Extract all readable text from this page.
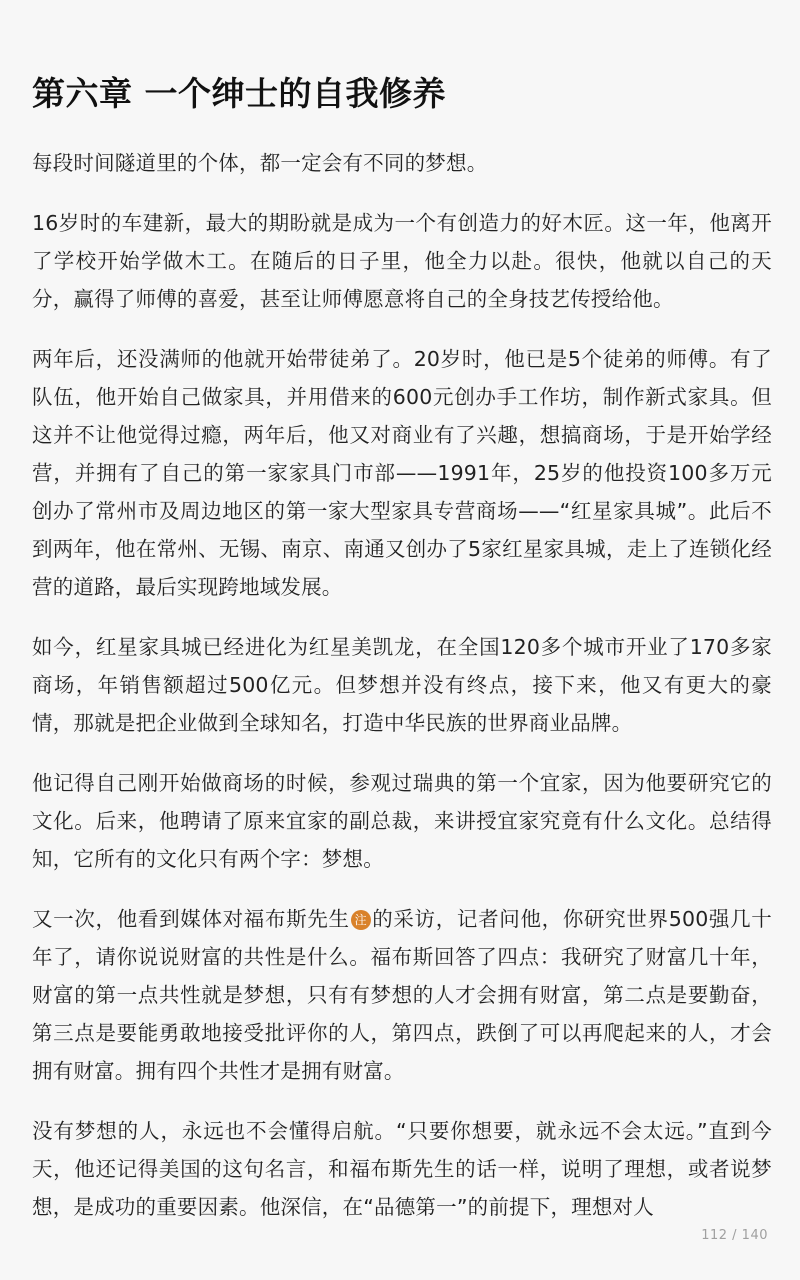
第六章 一个绅士的自我修养

每段时间隧道里的个体，都一定会有不同的梦想。

16岁时的车建新，最大的期盼就是成为一个有创造力的好木匠。这一年，他离开了学校开始学做木工。在随后的日子里，他全力以赴。很快，他就以自己的天分，赢得了师傅的喜爱，甚至让师傅愿意将自己的全身技艺传授给他。

两年后，还没满师的他就开始带徒弟了。20岁时，他已是5个徒弟的师傅。有了队伍，他开始自己做家具，并用借来的600元创办手工作坊，制作新式家具。但这并不让他觉得过瘾，两年后，他又对商业有了兴趣，想搞商场，于是开始学经营，并拥有了自己的第一家家具门市部——1991年，25岁的他投资100多万元创办了常州市及周边地区的第一家大型家具专营商场——“红星家具城”。此后不到两年，他在常州、无锡、南京、南通又创办了5家红星家具城，走上了连锁化经营的道路，最后实现跨地域发展。

如今，红星家具城已经进化为红星美凯龙，在全国120多个城市开业了170多家商场，年销售额超过500亿元。但梦想并没有终点，接下来，他又有更大的豪情，那就是把企业做到全球知名，打造中华民族的世界商业品牌。

他记得自己刚开始做商场的时候，参观过瑞典的第一个宜家，因为他要研究它的文化。后来，他聘请了原来宜家的副总裁，来讲授宜家究竟有什么文化。总结得知，它所有的文化只有两个字：梦想。

又一次，他看到媒体对福布斯先生 注 的采访，记者问他，你研究世界500强几十年了，请你说说财富的共性是什么。福布斯回答了四点：我研究了财富几十年，财富的第一点共性就是梦想，只有有梦想的人才会拥有财富，第二点是要勤奋，第三点是要能勇敢地接受批评你的人，第四点，跌倒了可以再爬起来的人，才会拥有财富。拥有四个共性才是拥有财富。

没有梦想的人，永远也不会懂得启航。“只要你想要，就永远不会太远。”直到今天，他还记得美国的这句名言，和福布斯先生的话一样，说明了理想，或者说梦想，是成功的重要因素。他深信，在“品德第一”的前提下，理想对人

112 / 140
